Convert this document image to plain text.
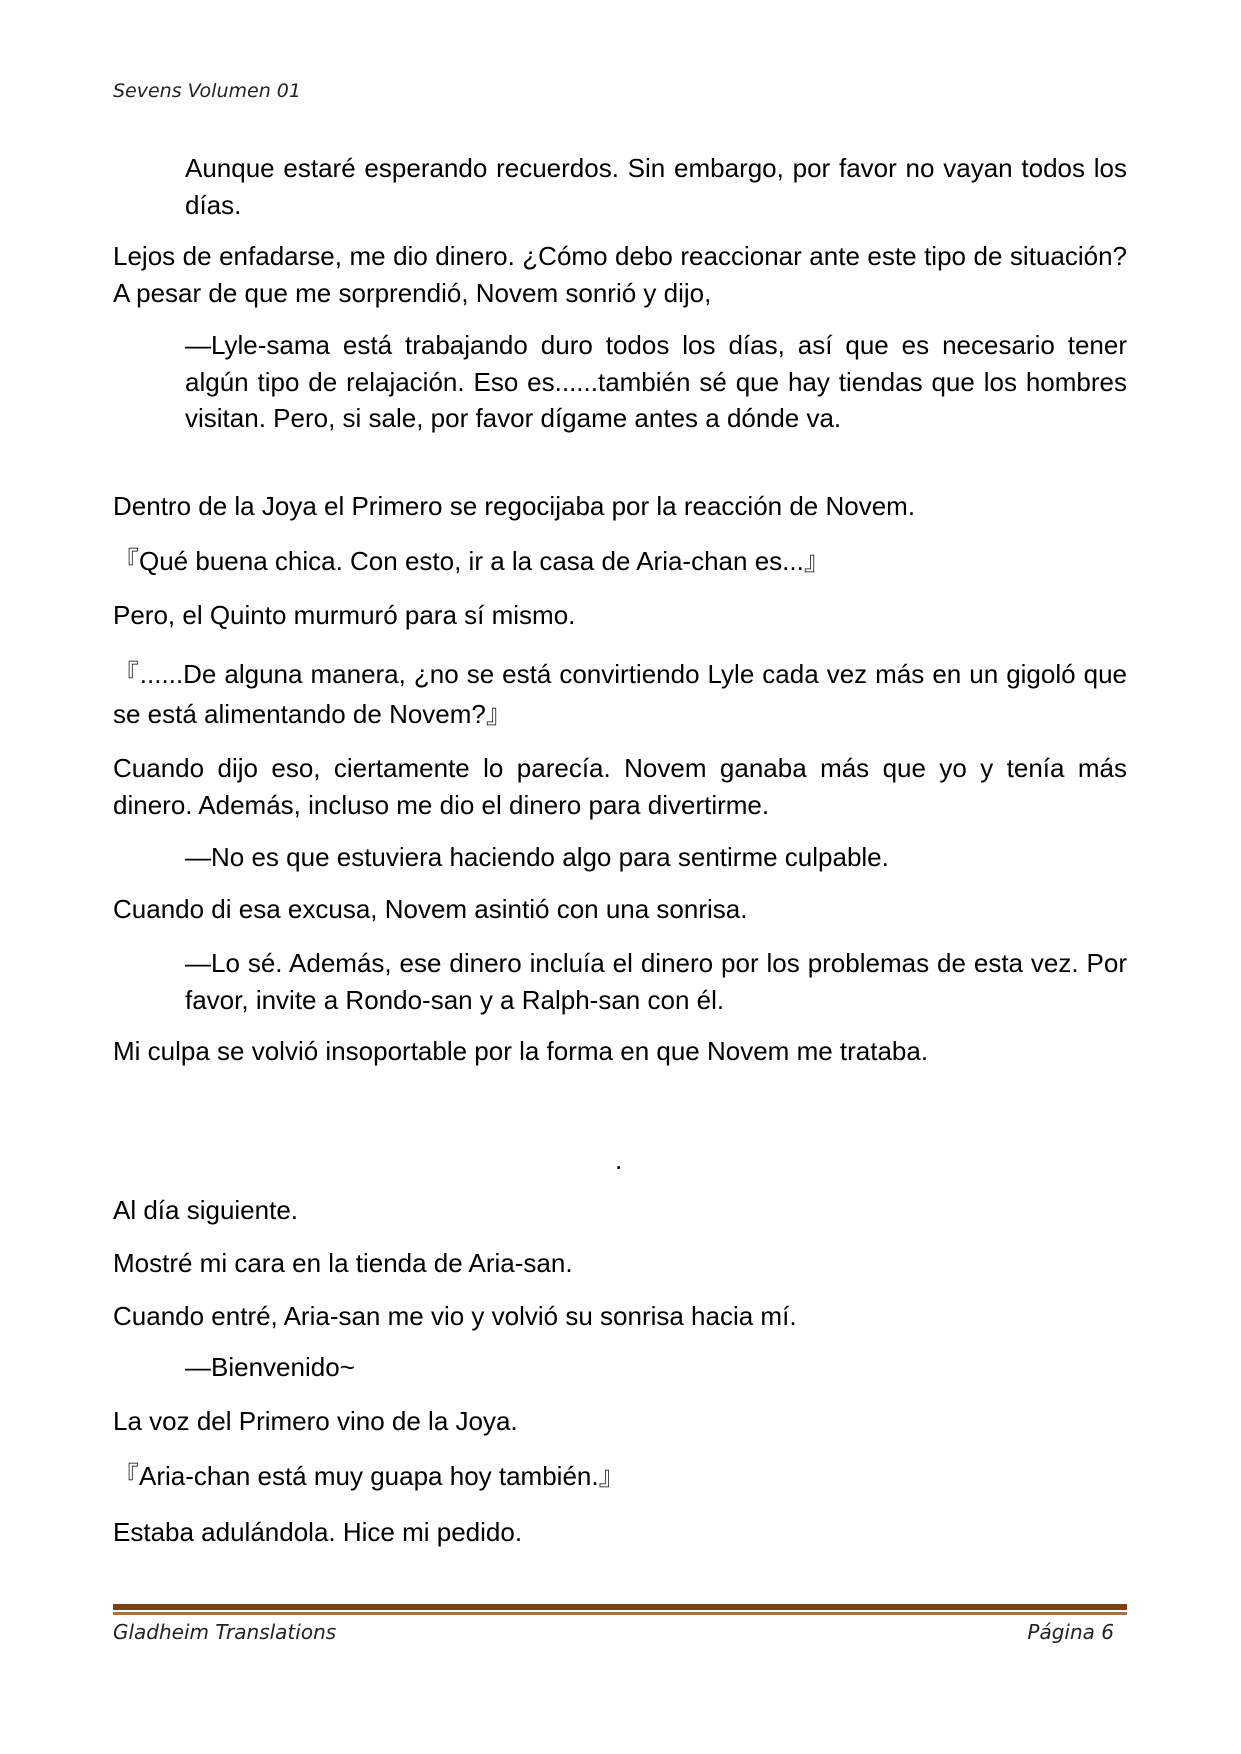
Sevens Volumen 01

Aunque estaré esperando recuerdos. Sin embargo, por favor no vayan todos los días.

Lejos de enfadarse, me dio dinero. ¿Cómo debo reaccionar ante este tipo de situación? A pesar de que me sorprendió, Novem sonrió y dijo,

—Lyle-sama está trabajando duro todos los días, así que es necesario tener algún tipo de relajación. Eso es......también sé que hay tiendas que los hombres visitan. Pero, si sale, por favor dígame antes a dónde va.

Dentro de la Joya el Primero se regocijaba por la reacción de Novem.

『Qué buena chica. Con esto, ir a la casa de Aria-chan es...』

Pero, el Quinto murmuró para sí mismo.

『......De alguna manera, ¿no se está convirtiendo Lyle cada vez más en un gigoló que se está alimentando de Novem?』

Cuando dijo eso, ciertamente lo parecía. Novem ganaba más que yo y tenía más dinero. Además, incluso me dio el dinero para divertirme.

—No es que estuviera haciendo algo para sentirme culpable.

Cuando di esa excusa, Novem asintió con una sonrisa.

—Lo sé. Además, ese dinero incluía el dinero por los problemas de esta vez. Por favor, invite a Rondo-san y a Ralph-san con él.

Mi culpa se volvió insoportable por la forma en que Novem me trataba.

.

Al día siguiente.

Mostré mi cara en la tienda de Aria-san.

Cuando entré, Aria-san me vio y volvió su sonrisa hacia mí.

—Bienvenido~

La voz del Primero vino de la Joya.

『Aria-chan está muy guapa hoy también.』

Estaba adulándola. Hice mi pedido.

Gladheim Translations	Página 6
